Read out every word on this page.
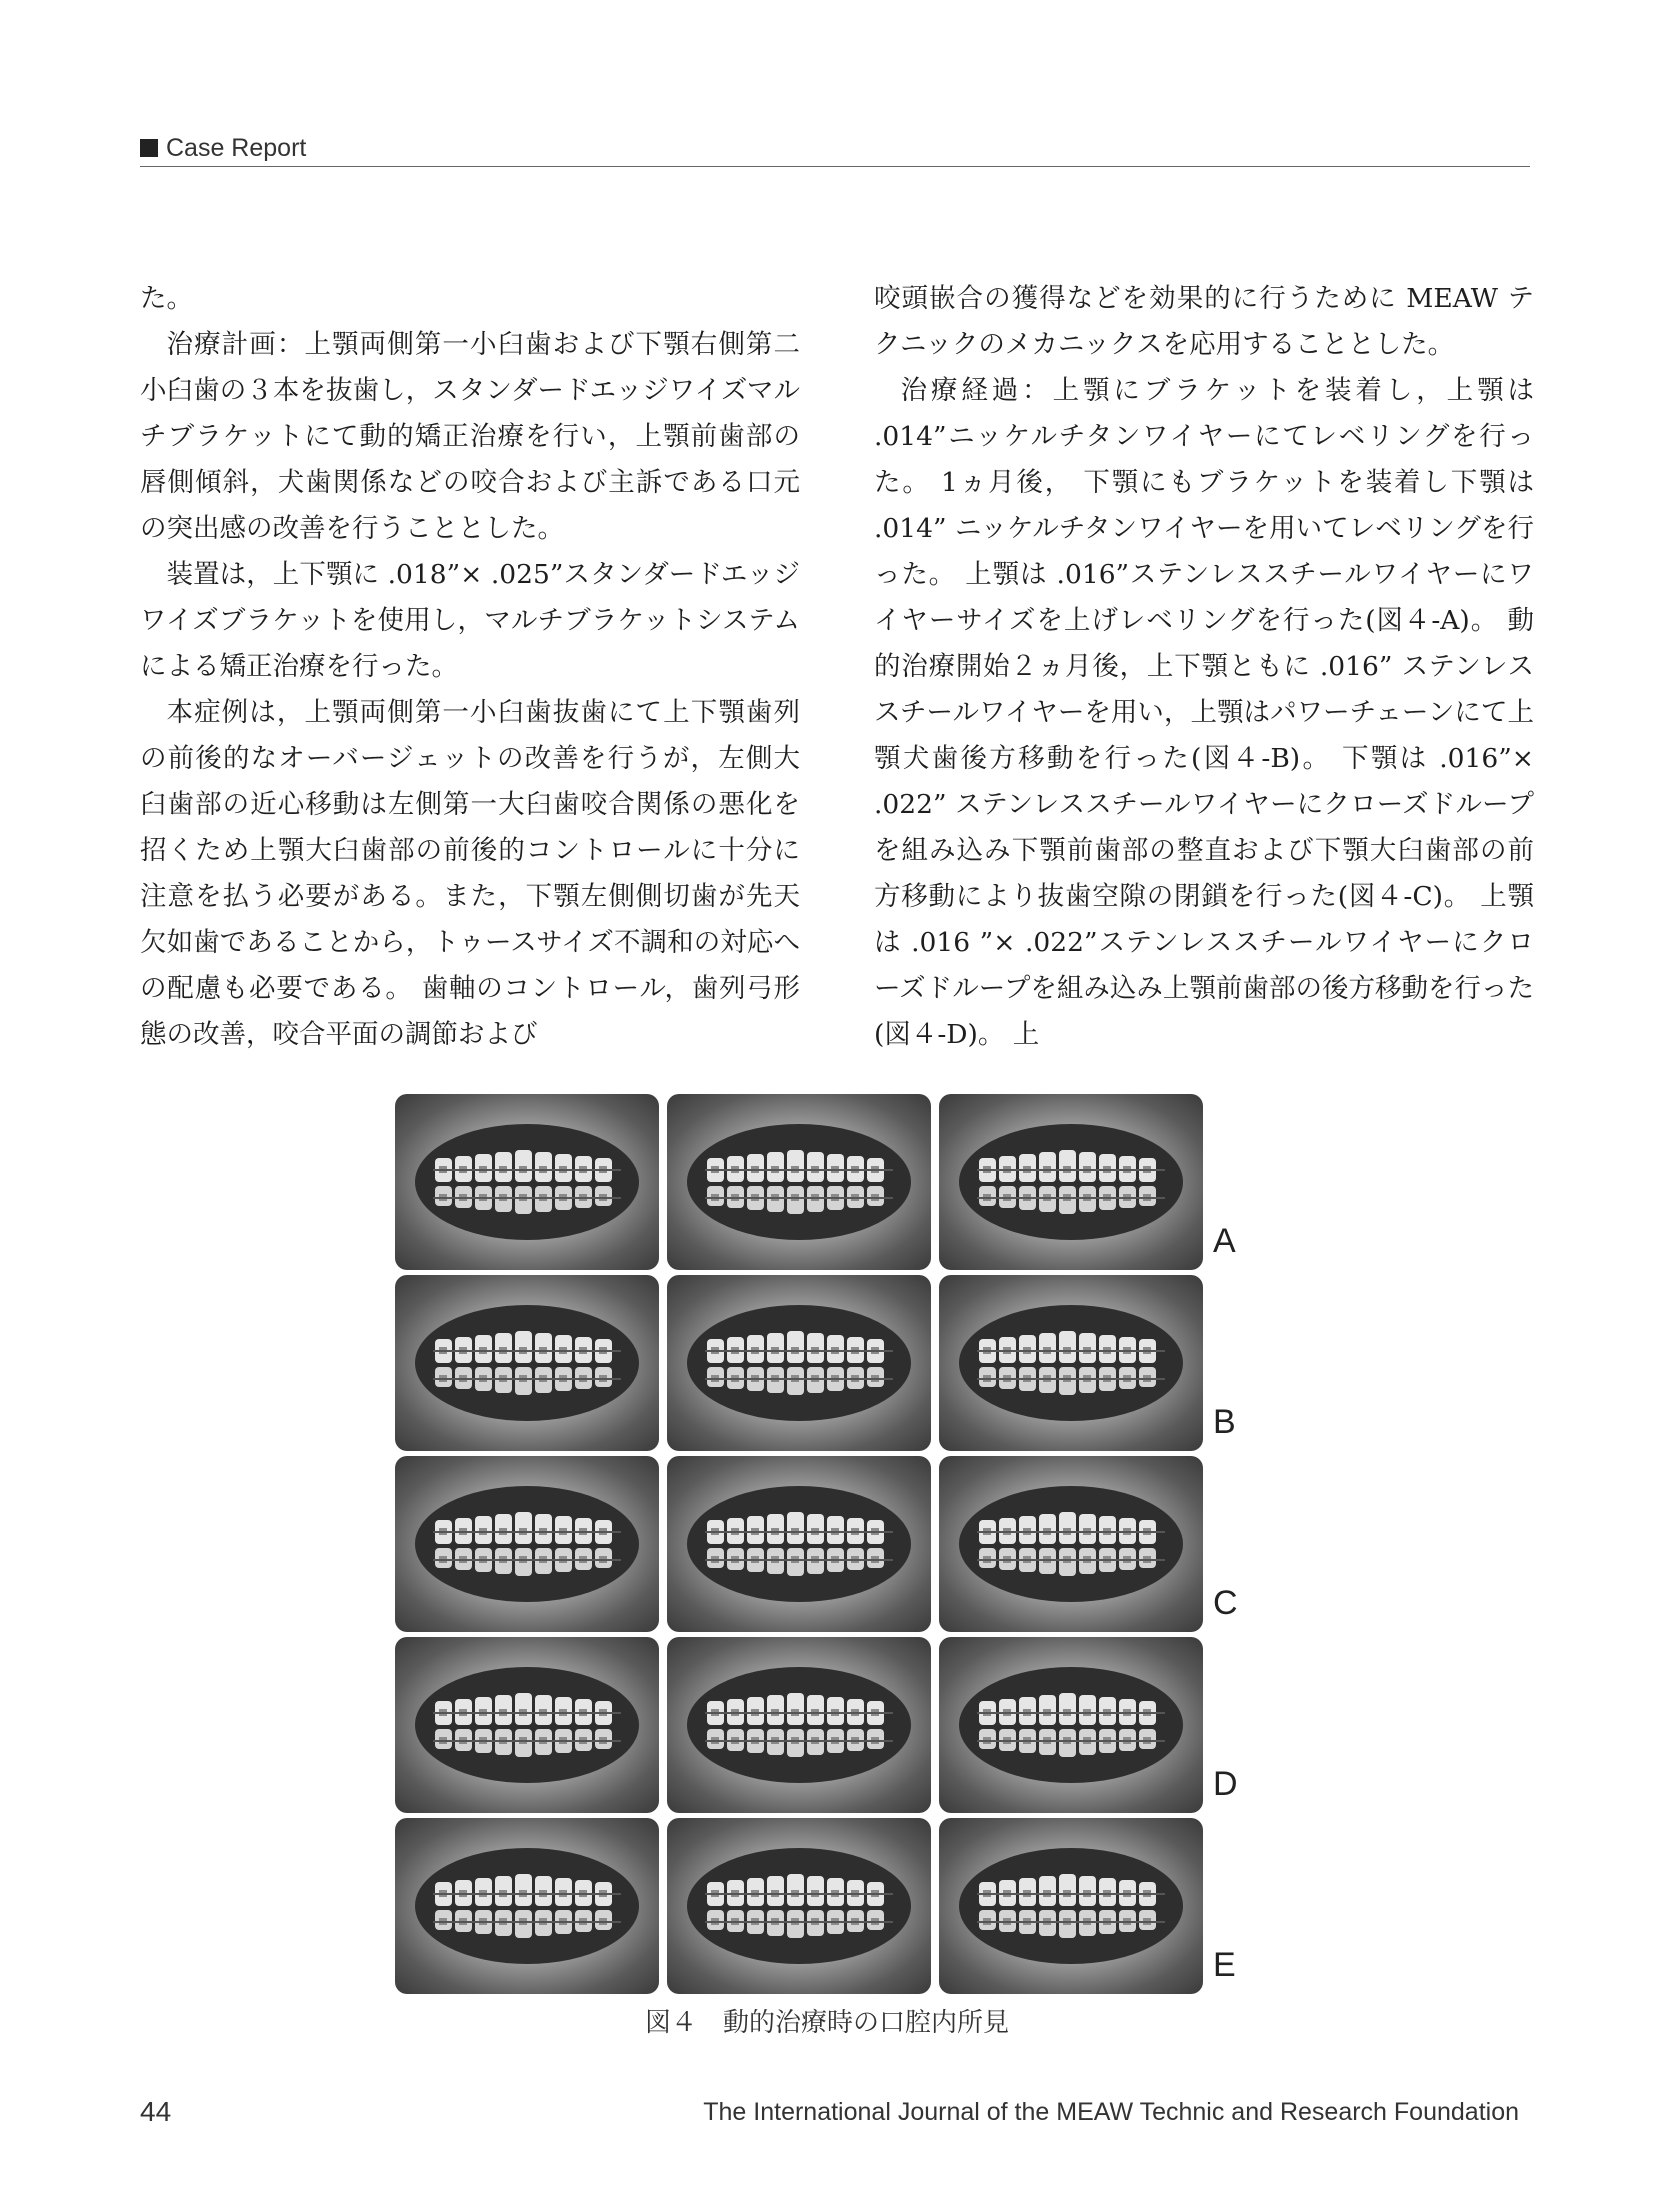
Case Report

た。

治療計画：上顎両側第一小臼歯および下顎右側第二小臼歯の３本を抜歯し，スタンダードエッジワイズマルチブラケットにて動的矯正治療を行い，上顎前歯部の唇側傾斜，犬歯関係などの咬合および主訴である口元の突出感の改善を行うこととした。

装置は，上下顎に .018”× .025”スタンダードエッジワイズブラケットを使用し，マルチブラケットシステムによる矯正治療を行った。

本症例は，上顎両側第一小臼歯抜歯にて上下顎歯列の前後的なオーバージェットの改善を行うが，左側大臼歯部の近心移動は左側第一大臼歯咬合関係の悪化を招くため上顎大臼歯部の前後的コントロールに十分に注意を払う必要がある。また，下顎左側側切歯が先天欠如歯であることから，トゥースサイズ不調和の対応への配慮も必要である。 歯軸のコントロール，歯列弓形態の改善，咬合平面の調節および

咬頭嵌合の獲得などを効果的に行うために MEAW テクニックのメカニックスを応用することとした。

治療経過：上顎にブラケットを装着し，上顎は .014”ニッケルチタンワイヤーにてレベリングを行った。 1ヵ月後， 下顎にもブラケットを装着し下顎は .014” ニッケルチタンワイヤーを用いてレベリングを行った。 上顎は .016”ステンレススチールワイヤーにワイヤーサイズを上げレベリングを行った(図４-A)。 動的治療開始２ヵ月後，上下顎ともに .016” ステンレススチールワイヤーを用い，上顎はパワーチェーンにて上顎犬歯後方移動を行った(図４-B)。 下顎は .016”× .022” ステンレススチールワイヤーにクローズドループを組み込み下顎前歯部の整直および下顎大臼歯部の前方移動により抜歯空隙の閉鎖を行った(図４-C)。 上顎は .016 ”× .022”ステンレススチールワイヤーにクローズドループを組み込み上顎前歯部の後方移動を行った(図４-D)。 上

A
B
C
D
E
図４　動的治療時の口腔内所見
44	The International Journal of the MEAW Technic and Research Foundation
